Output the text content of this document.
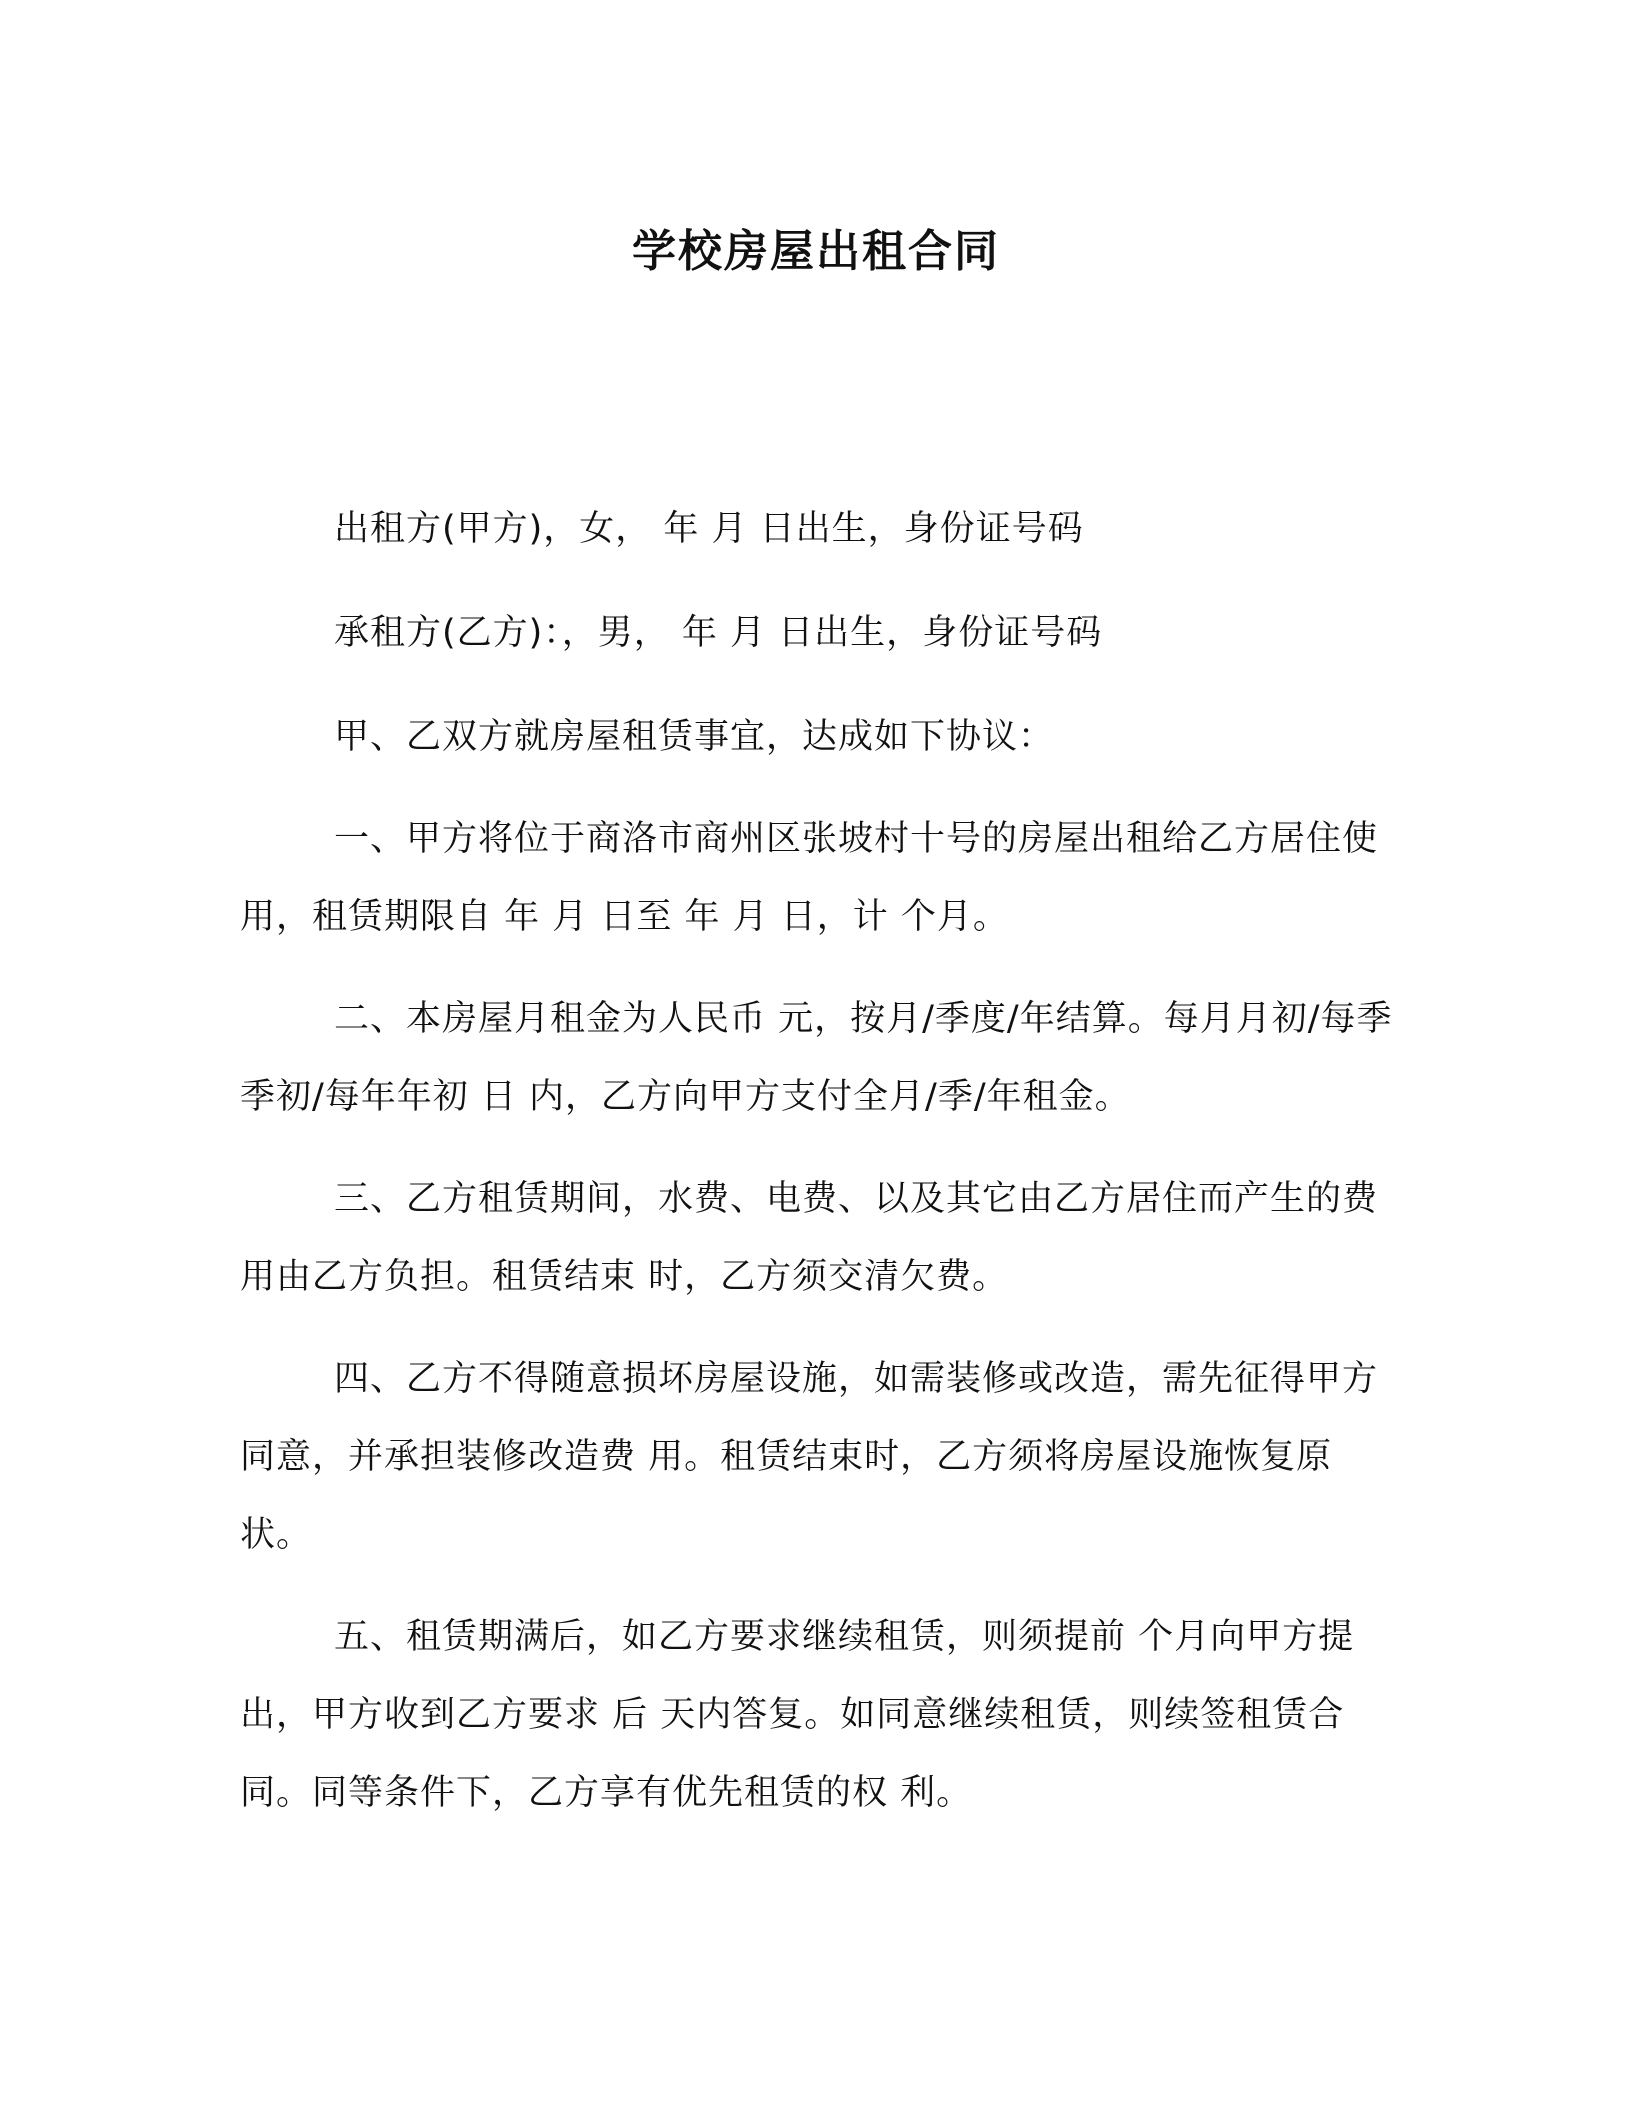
学校房屋出租合同

出租方(甲方)，女， 年 月 日出生，身份证号码

承租方(乙方)：，男， 年 月 日出生，身份证号码

甲、乙双方就房屋租赁事宜，达成如下协议：

一、甲方将位于商洛市商州区张坡村十号的房屋出租给乙方居住使用，租赁期限自 年 月 日至 年 月 日，计 个月。

二、本房屋月租金为人民币 元，按月/季度/年结算。每月月初/每季季初/每年年初 日 内，乙方向甲方支付全月/季/年租金。

三、乙方租赁期间，水费、电费、以及其它由乙方居住而产生的费用由乙方负担。租赁结束 时，乙方须交清欠费。

四、乙方不得随意损坏房屋设施，如需装修或改造，需先征得甲方同意，并承担装修改造费 用。租赁结束时，乙方须将房屋设施恢复原状。

五、租赁期满后，如乙方要求继续租赁，则须提前 个月向甲方提出，甲方收到乙方要求 后 天内答复。如同意继续租赁，则续签租赁合同。同等条件下，乙方享有优先租赁的权 利。
